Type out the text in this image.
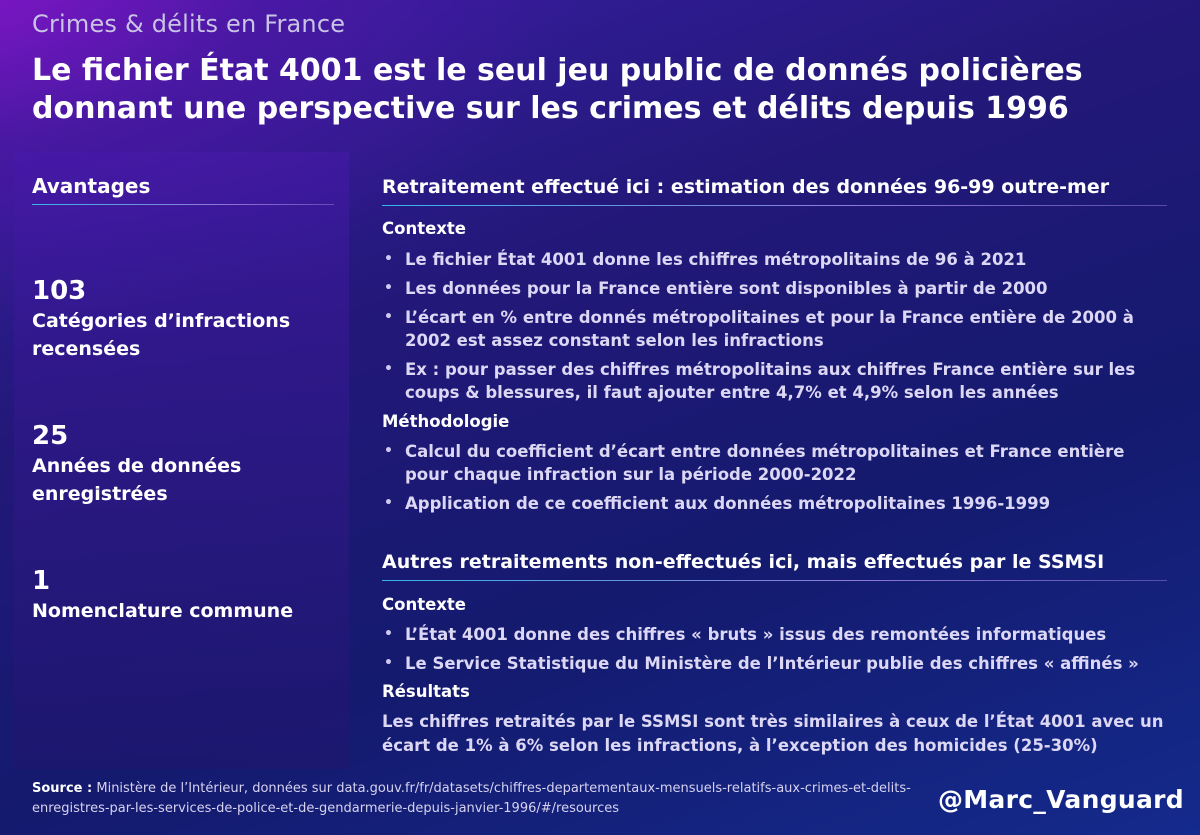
Crimes & délits en France
Le fichier État 4001 est le seul jeu public de donnés policières donnant une perspective sur les crimes et délits depuis 1996
Avantages
103
Catégories d’infractions recensées
25
Années de données enregistrées
1
Nomenclature commune
Retraitement effectué ici : estimation des données 96-99 outre-mer
Contexte
• Le fichier État 4001 donne les chiffres métropolitains de 96 à 2021
• Les données pour la France entière sont disponibles à partir de 2000
• L’écart en % entre donnés métropolitaines et pour la France entière de 2000 à 2002 est assez constant selon les infractions
• Ex : pour passer des chiffres métropolitains aux chiffres France entière sur les coups & blessures, il faut ajouter entre 4,7% et 4,9% selon les années
Méthodologie
• Calcul du coefficient d’écart entre données métropolitaines et France entière pour chaque infraction sur la période 2000-2022
• Application de ce coefficient aux données métropolitaines 1996-1999
Autres retraitements non-effectués ici, mais effectués par le SSMSI
Contexte
• L’État 4001 donne des chiffres « bruts » issus des remontées informatiques
• Le Service Statistique du Ministère de l’Intérieur publie des chiffres « affinés »
Résultats
Les chiffres retraités par le SSMSI sont très similaires à ceux de l’État 4001 avec un écart de 1% à 6% selon les infractions, à l’exception des homicides (25-30%)
Source : Ministère de l’Intérieur, données sur data.gouv.fr/fr/datasets/chiffres-departementaux-mensuels-relatifs-aux-crimes-et-delits-enregistres-par-les-services-de-police-et-de-gendarmerie-depuis-janvier-1996/#/resources	@Marc_Vanguard
